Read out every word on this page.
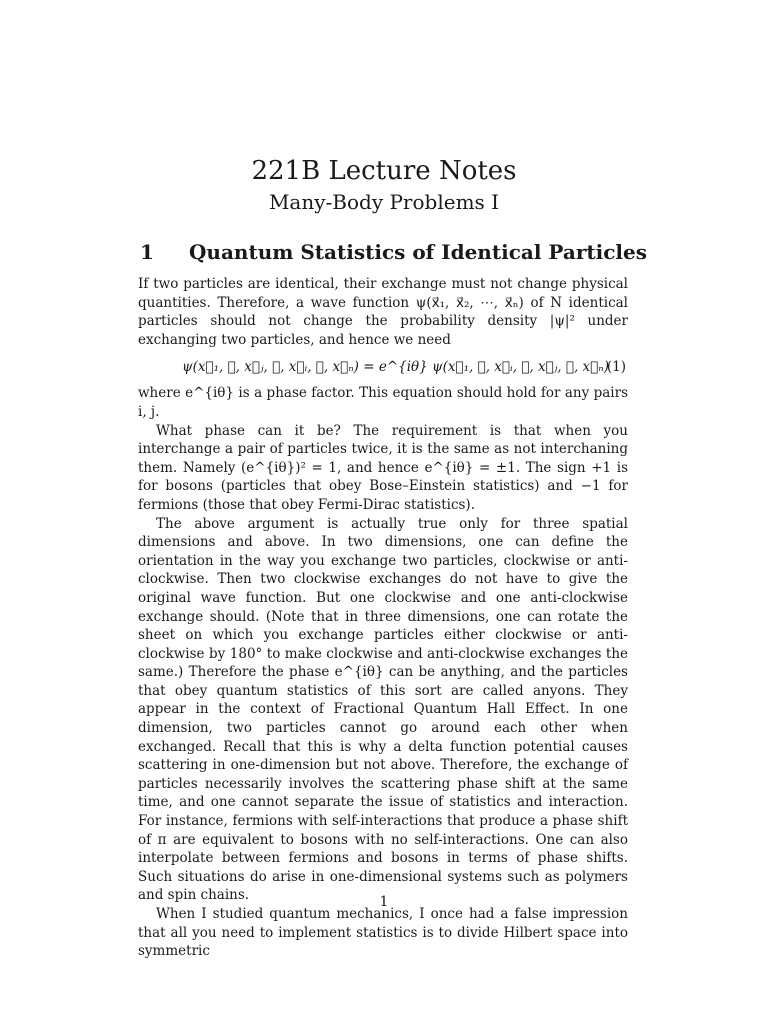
221B Lecture Notes
Many-Body Problems I
1 Quantum Statistics of Identical Particles

If two particles are identical, their exchange must not change physical quantities. Therefore, a wave function ψ(x⃗₁, x⃗₂, ⋯, x⃗ₙ) of N identical particles should not change the probability density |ψ|² under exchanging two particles, and hence we need

ψ(x⃗₁, ⋯, x⃗ⱼ, ⋯, x⃗ᵢ, ⋯, x⃗ₙ) = e^{iθ} ψ(x⃗₁, ⋯, x⃗ᵢ, ⋯, x⃗ⱼ, ⋯, x⃗ₙ)
(1)

where e^{iθ} is a phase factor. This equation should hold for any pairs i, j.

What phase can it be? The requirement is that when you interchange a pair of particles twice, it is the same as not interchaning them. Namely (e^{iθ})² = 1, and hence e^{iθ} = ±1. The sign +1 is for bosons (particles that obey Bose–Einstein statistics) and −1 for fermions (those that obey Fermi-Dirac statistics).

The above argument is actually true only for three spatial dimensions and above. In two dimensions, one can define the orientation in the way you exchange two particles, clockwise or anti-clockwise. Then two clockwise exchanges do not have to give the original wave function. But one clockwise and one anti-clockwise exchange should. (Note that in three dimensions, one can rotate the sheet on which you exchange particles either clockwise or anti-clockwise by 180° to make clockwise and anti-clockwise exchanges the same.) Therefore the phase e^{iθ} can be anything, and the particles that obey quantum statistics of this sort are called anyons. They appear in the context of Fractional Quantum Hall Effect. In one dimension, two particles cannot go around each other when exchanged. Recall that this is why a delta function potential causes scattering in one-dimension but not above. Therefore, the exchange of particles necessarily involves the scattering phase shift at the same time, and one cannot separate the issue of statistics and interaction. For instance, fermions with self-interactions that produce a phase shift of π are equivalent to bosons with no self-interactions. One can also interpolate between fermions and bosons in terms of phase shifts. Such situations do arise in one-dimensional systems such as polymers and spin chains.

When I studied quantum mechanics, I once had a false impression that all you need to implement statistics is to divide Hilbert space into symmetric

1
